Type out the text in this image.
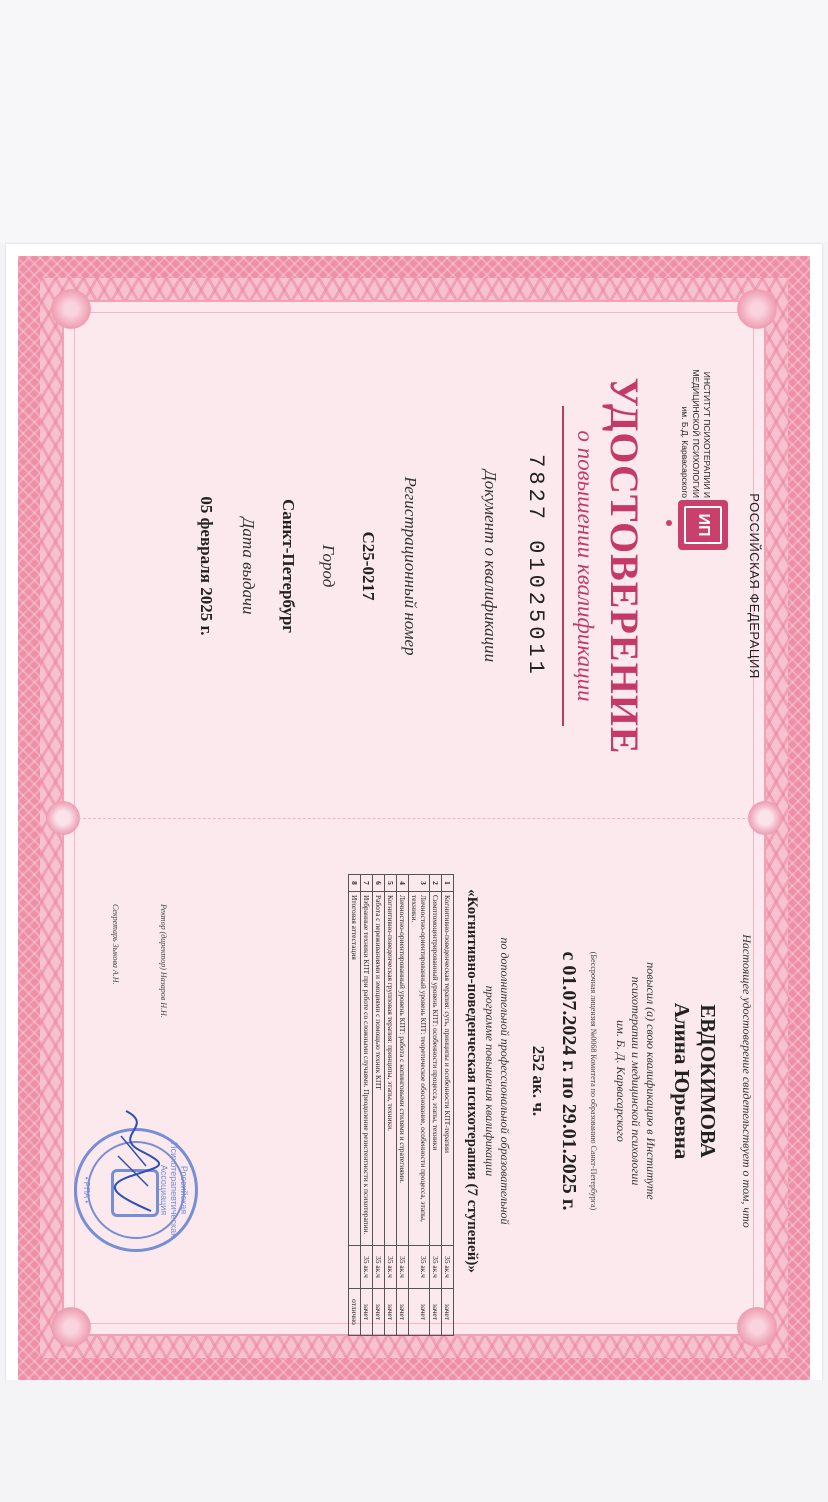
РОССИЙСКАЯ ФЕДЕРАЦИЯ
ИП
ИНСТИТУТ ПСИХОТЕРАПИИ И
МЕДИЦИНСКОЙ ПСИХОЛОГИИ
им. Б.Д. Карвасарского
УДОСТОВЕРЕНИЕ
о повышении квалификации
7827 01025011
Документ о квалификации
Регистрационный номер
С25-0217
Город
Санкт-Петербург
Дата выдачи
05 февраля 2025 г.
Настоящее удостоверение свидетельствует о том, что
ЕВДОКИМОВА
Алина Юрьевна
повысил (а) свою квалификацию в Институте
психотерапии и медицинской психологии
им. Б. Д. Карвасарского
(Бессрочная лицензия №0068 Комитета по образованию Санкт-Петербурга)
с 01.07.2024 г. по 29.01.2025 г.
252 ак. ч.
по дополнительной профессиональной образовательной
программе повышения квалификации
«Когнитивно-поведенческая психотерапия (7 ступеней)»
1	Когнитивно-поведенческая терапия: суть, принципы и особенности КПТ-терапии	35 ак.ч	зачет
2	Симптомоцентрированный уровень КПТ: особенности процесса, этапы, техники	35 ак.ч	зачет
3	Личностно-ориентированный уровень КПТ: теоретическое обоснование, особенности процесса, этапы, техники.	35 ак.ч	зачет
4	Личностно-ориентированный уровень КПТ: работа с копинговыми стилями и стратегиями.	35 ак.ч	зачет
5	Когнитивно-поведенческая групповая терапия: принципы, этапы, техники.	35 ак.ч	зачет
6	Работа с переживаниями и эмоциями с помощью техник КПТ	35 ак.ч	зачет
7	Избранные техники КПТ при работе со сложными случаями. Преодоление резистентности к психотерапии.	35 ак.ч	зачет
8	Итоговая аттестация		отлично
Ректор (директор) Назаров Н.Н.
Секретарь Зыкова А.Н.
Российская Психотерапевтическая Ассоциация
• РПА •
